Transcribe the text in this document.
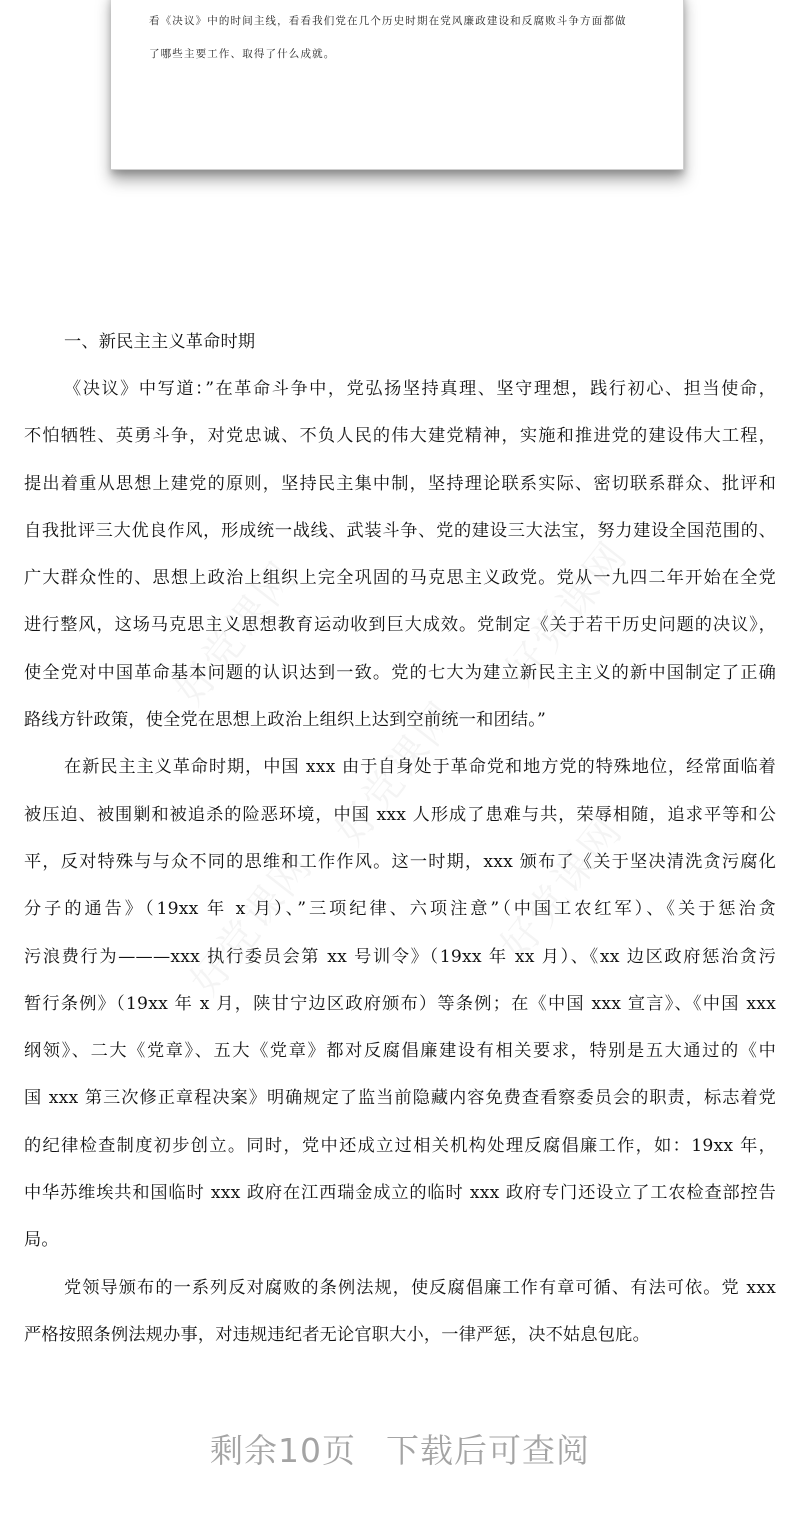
看《决议》中的时间主线，看看我们党在几个历史时期在党风廉政建设和反腐败斗争方面都做
了哪些主要工作、取得了什么成就。
一、新民主主义革命时期
《决议》中写道：”在革命斗争中，党弘扬坚持真理、坚守理想，践行初心、担当使命，
不怕牺牲、英勇斗争，对党忠诚、不负人民的伟大建党精神，实施和推进党的建设伟大工程，
提出着重从思想上建党的原则，坚持民主集中制，坚持理论联系实际、密切联系群众、批评和
自我批评三大优良作风，形成统一战线、武装斗争、党的建设三大法宝，努力建设全国范围的、
广大群众性的、思想上政治上组织上完全巩固的马克思主义政党。党从一九四二年开始在全党
进行整风，这场马克思主义思想教育运动收到巨大成效。党制定《关于若干历史问题的决议》，
使全党对中国革命基本问题的认识达到一致。党的七大为建立新民主主义的新中国制定了正确
路线方针政策，使全党在思想上政治上组织上达到空前统一和团结。”
在新民主主义革命时期，中国 xxx 由于自身处于革命党和地方党的特殊地位，经常面临着
被压迫、被围剿和被追杀的险恶环境，中国 xxx 人形成了患难与共，荣辱相随，追求平等和公
平，反对特殊与与众不同的思维和工作作风。这一时期，xxx 颁布了《关于坚决清洗贪污腐化
分子的通告》（19xx 年 x 月）、”三项纪律、六项注意”（中国工农红军）、《关于惩治贪
污浪费行为———xxx 执行委员会第 xx 号训令》（19xx 年 xx 月）、《xx 边区政府惩治贪污
暂行条例》（19xx 年 x 月，陕甘宁边区政府颁布）等条例；在《中国 xxx 宣言》、《中国 xxx
纲领》、二大《党章》、五大《党章》都对反腐倡廉建设有相关要求，特别是五大通过的《中
国 xxx 第三次修正章程决案》明确规定了监当前隐藏内容免费查看察委员会的职责，标志着党
的纪律检查制度初步创立。同时，党中还成立过相关机构处理反腐倡廉工作，如：19xx 年，
中华苏维埃共和国临时 xxx 政府在江西瑞金成立的临时 xxx 政府专门还设立了工农检查部控告
局。
党领导颁布的一系列反对腐败的条例法规，使反腐倡廉工作有章可循、有法可依。党 xxx
严格按照条例法规办事，对违规违纪者无论官职大小，一律严惩，决不姑息包庇。
剩余10页 下载后可查阅
